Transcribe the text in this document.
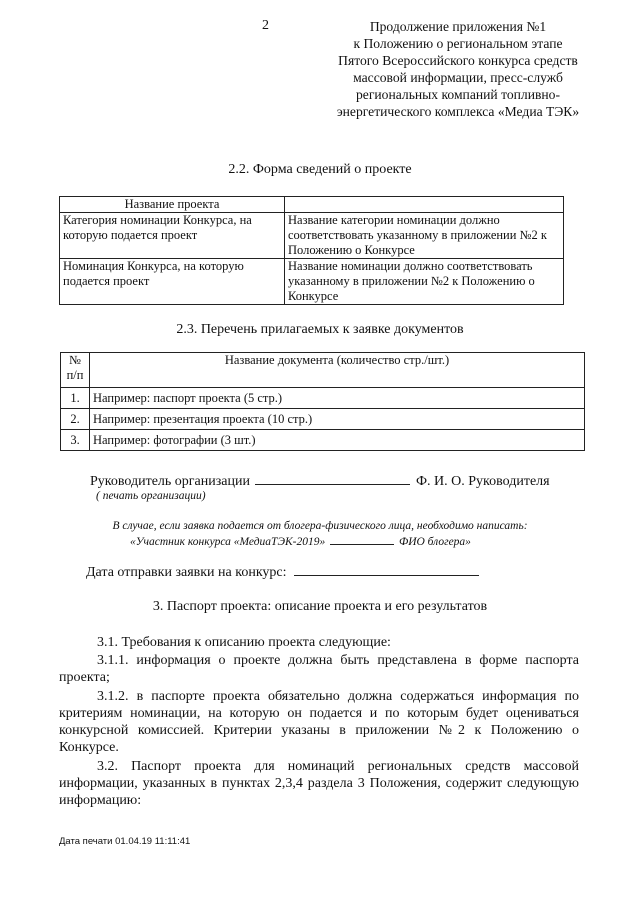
2	Продолжение приложения №1
к Положению о региональном этапе
Пятого Всероссийского конкурса средств
массовой информации, пресс-служб
региональных компаний топливно-
энергетического комплекса «Медиа ТЭК»
2.2. Форма сведений о проекте
Название проекта	
Категория номинации Конкурса, на которую подается проект	Название категории номинации должно соответствовать указанному в приложении №2 к Положению о Конкурсе
Номинация Конкурса, на которую подается проект	Название номинации должно соответствовать указанному в приложении №2 к Положению о Конкурсе
2.3. Перечень прилагаемых к заявке документов
№ п/п	Название документа (количество стр./шт.)
1.	Например: паспорт проекта (5 стр.)
2.	Например: презентация проекта (10 стр.)
3.	Например: фотографии (3 шт.)
Руководитель организации	Ф. И. О. Руководителя
( печать организации)
В случае, если заявка подается от блогера-физического лица, необходимо написать:
«Участник конкурса «МедиаТЭК-2019»	ФИО блогера»
Дата отправки заявки на конкурс:
3. Паспорт проекта: описание проекта и его результатов
3.1. Требования к описанию проекта следующие:
3.1.1. информация о проекте должна быть представлена в форме паспорта проекта;
3.1.2. в паспорте проекта обязательно должна содержаться информация по критериям номинации, на которую он подается и по которым будет оцениваться конкурсной комиссией. Критерии указаны в приложении №2 к Положению о Конкурсе.
3.2. Паспорт проекта для номинаций региональных средств массовой информации, указанных в пунктах 2,3,4 раздела 3 Положения, содержит следующую информацию:
Дата печати 01.04.19 11:11:41
